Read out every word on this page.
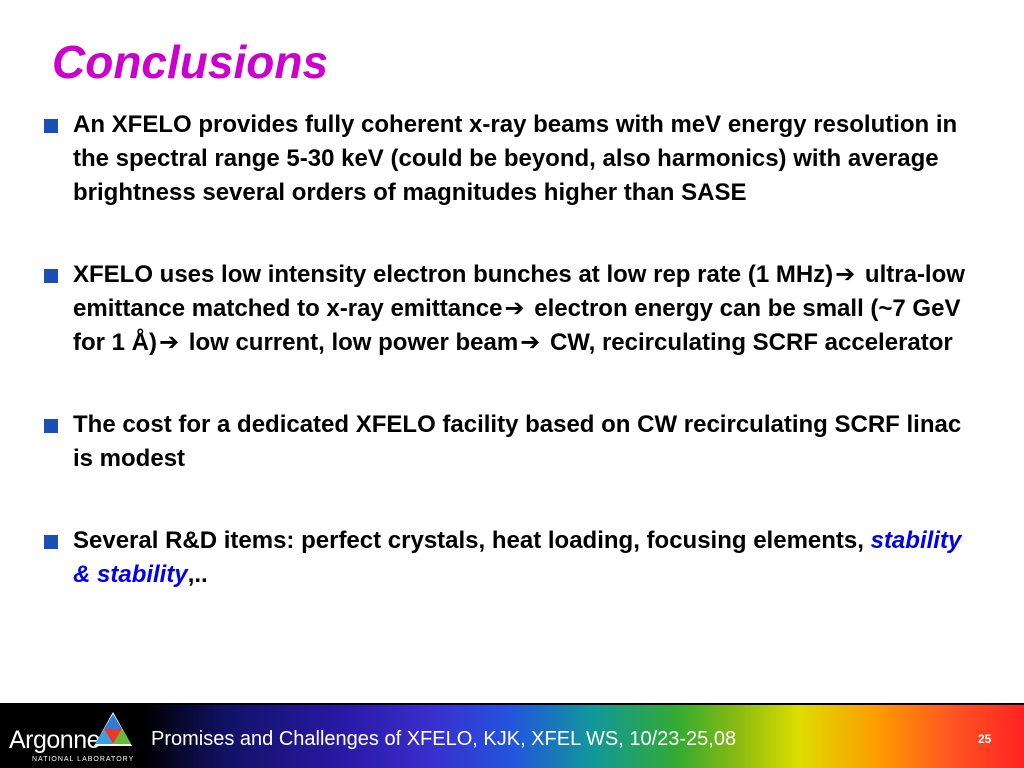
Conclusions
An XFELO provides fully coherent x-ray beams with meV energy resolution in the spectral range 5-30 keV (could be beyond, also harmonics) with average brightness several orders of magnitudes higher than SASE
XFELO uses low intensity electron bunches at low rep rate (1 MHz)➔ ultra-low emittance matched to x-ray emittance➔ electron energy can be small (~7 GeV for 1 Å)➔ low current, low power beam➔ CW, recirculating SCRF accelerator
The cost for a dedicated XFELO facility based on CW recirculating SCRF linac is modest
Several R&D items: perfect crystals, heat loading, focusing elements, stability & stability,..
Argonne
NATIONAL LABORATORY
Promises and Challenges of XFELO, KJK, XFEL WS, 10/23-25,08	25
